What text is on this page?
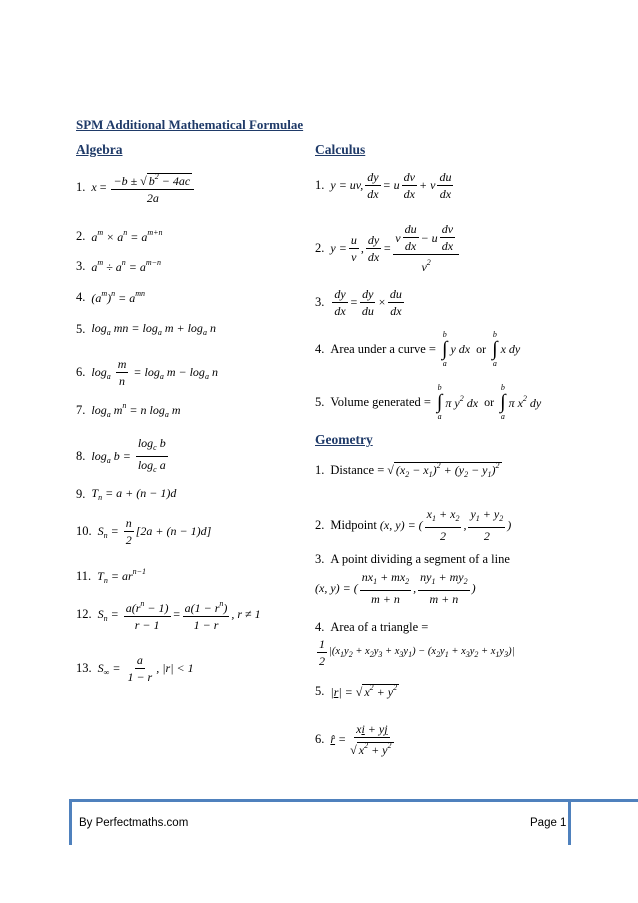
SPM Additional Mathematical Formulae
Algebra
1. $x = \frac{-b \pm √ b^2 - 4ac}{2a}$
2. $a^m \times a^n = a^{m+n}$
3. $a^m \div a^n = a^{m-n}$
4. $(a^m)^n = a^{mn}$
5. $\log_a$ mn = $\log_a m + \log_a n$
6. $\log_a$
$\frac{m}{n} = \log_a m - \log_a n$
7. $\log_a m^n = n$ $\log_a m$
8. $\log_a b$ =
$\frac{\log_c b}{\log_c a}$
9. $T_n = a + (n - 1)d$
10. $S_n$ =
$\frac{n}{2} [2a + (n - 1)d]$
11. $T_n = ar^{n-1}$
12. $S_n$ =
$\frac{a(r^n - 1)}{r - 1} = \frac{a(1 - r^n)}{1 - r}$ , r ≠ 1
13. $S_\infty$ =
$\frac{a}{1 - r}$ , |r| < 1
Calculus
1. y = uv, $\frac{dy}{dx} = u \frac{dv}{dx} + v \frac{du}{dx}$
2. $y = \frac{u}{v}$ , $\frac{dy}{dx} = \frac{v \frac{du}{dx} - u \frac{dv}{dx}}{v^2}$
3. $\frac{dy}{dx} = \frac{dy}{du} \times \frac{du}{dx}$
4. Area under a curve =

b
∫
a
y dx
or

b
∫
a
x dy
5. Volume generated =

b
∫
a
π $y^2$ dx
or

b
∫
a
π $x^2$ dy
Geometry
1. Distance =
√ $(x_2 - x_1)^2 + (y_2 - y_1)^2$
2. Midpoint
(x, y) = ( $\frac{x_1 + x_2}{2}$ , $\frac{y_1 + y_2}{2}$ )
3. A point dividing a segment of a line
(x, y) = ( $\frac{nx_1 + mx_2}{m + n}$ , $\frac{ny_1 + my_2}{m + n}$ )
4. Area of a triangle =
$\frac{1}{2} |(x_1y_2 + x_2y_3 + x_3y_1) - (x_2y_1 + x_3y_2 + x_1y_3)|$
5. |r| = √ $x^2 + y^2$
6. r̂ = $\frac{xi + yj}{√ x^2 + y^2}$
By Perfectmaths.com	Page 1
